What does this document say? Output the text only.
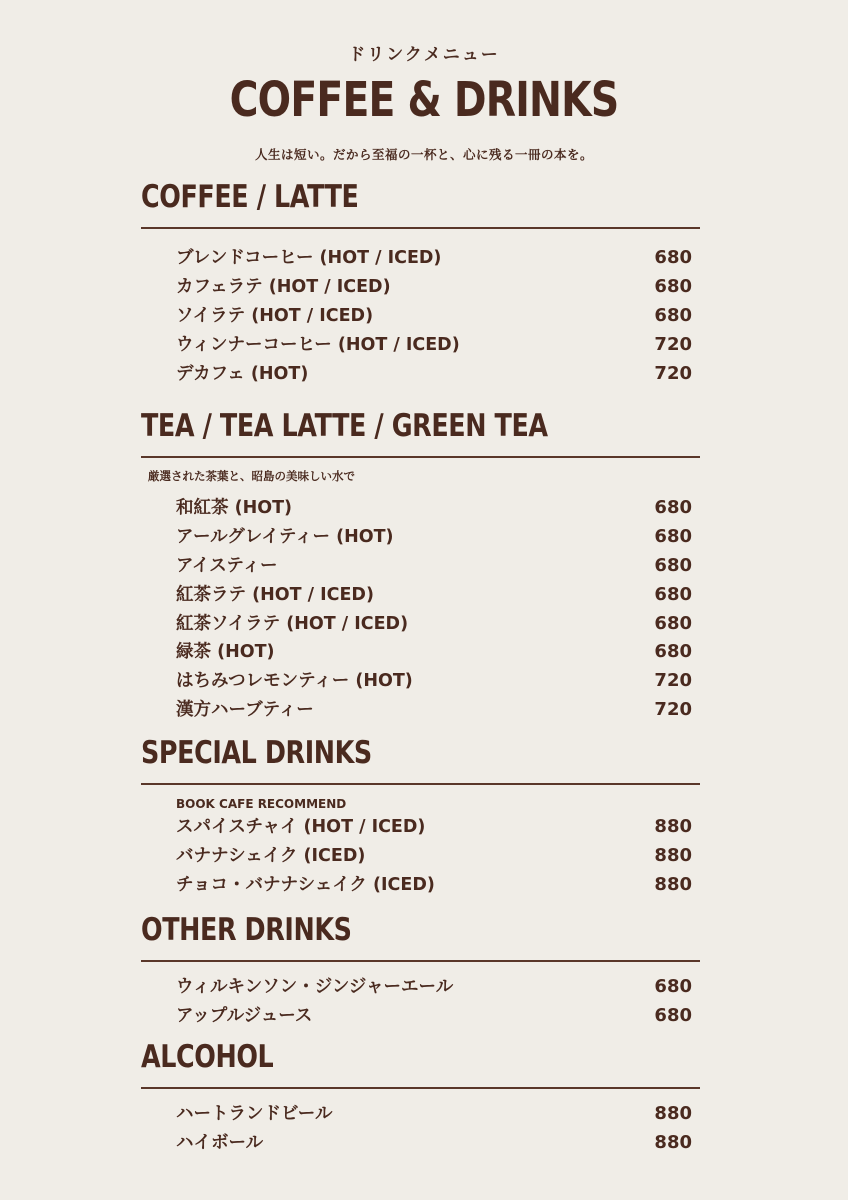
ドリンクメニュー
COFFEE & DRINKS
人生は短い。だから至福の一杯と、心に残る一冊の本を。
COFFEE / LATTE
ブレンドコーヒー (HOT / ICED)	680
カフェラテ (HOT / ICED)	680
ソイラテ (HOT / ICED)	680
ウィンナーコーヒー (HOT / ICED)	720
デカフェ (HOT)	720
TEA / TEA LATTE / GREEN TEA
厳選された茶葉と、昭島の美味しい水で
和紅茶 (HOT)	680
アールグレイティー (HOT)	680
アイスティー	680
紅茶ラテ (HOT / ICED)	680
紅茶ソイラテ (HOT / ICED)	680
緑茶 (HOT)	680
はちみつレモンティー (HOT)	720
漢方ハーブティー	720
SPECIAL DRINKS
BOOK CAFE RECOMMEND
スパイスチャイ (HOT / ICED)	880
バナナシェイク (ICED)	880
チョコ・バナナシェイク (ICED)	880
OTHER DRINKS
ウィルキンソン・ジンジャーエール	680
アップルジュース	680
ALCOHOL
ハートランドビール	880
ハイボール	880
